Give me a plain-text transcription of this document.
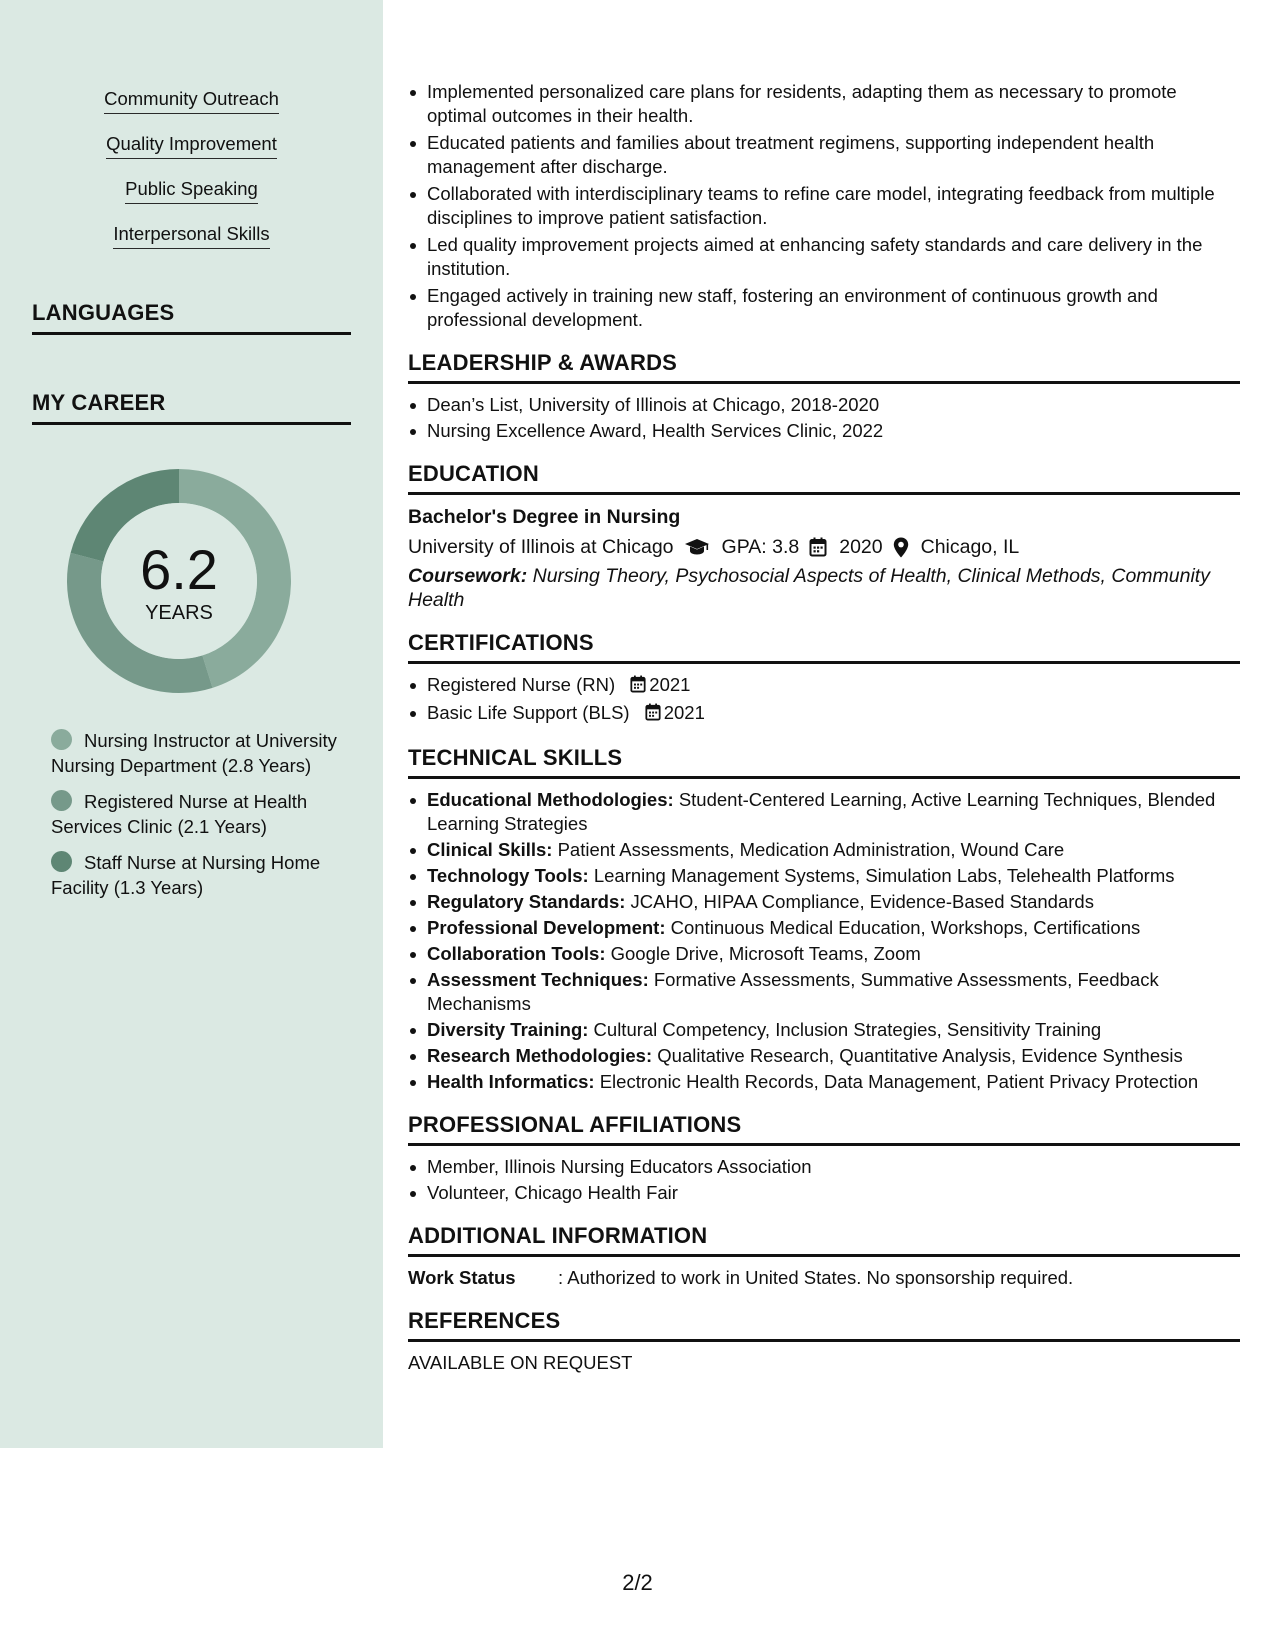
Community Outreach
Quality Improvement
Public Speaking
Interpersonal Skills
LANGUAGES
MY CAREER
6.2
YEARS
Nursing Instructor at University Nursing Department (2.8 Years)
Registered Nurse at Health Services Clinic (2.1 Years)
Staff Nurse at Nursing Home Facility (1.3 Years)
Implemented personalized care plans for residents, adapting them as necessary to promote optimal outcomes in their health.
Educated patients and families about treatment regimens, supporting independent health management after discharge.
Collaborated with interdisciplinary teams to refine care model, integrating feedback from multiple disciplines to improve patient satisfaction.
Led quality improvement projects aimed at enhancing safety standards and care delivery in the institution.
Engaged actively in training new staff, fostering an environment of continuous growth and professional development.
LEADERSHIP & AWARDS
Dean’s List, University of Illinois at Chicago, 2018-2020
Nursing Excellence Award, Health Services Clinic, 2022
EDUCATION
Bachelor's Degree in Nursing
University of Illinois at Chicago GPA: 3.8 2020 Chicago, IL
Coursework: Nursing Theory, Psychosocial Aspects of Health, Clinical Methods, Community Health
CERTIFICATIONS
Registered Nurse (RN) 2021
Basic Life Support (BLS) 2021
TECHNICAL SKILLS
Educational Methodologies: Student-Centered Learning, Active Learning Techniques, Blended Learning Strategies
Clinical Skills: Patient Assessments, Medication Administration, Wound Care
Technology Tools: Learning Management Systems, Simulation Labs, Telehealth Platforms
Regulatory Standards: JCAHO, HIPAA Compliance, Evidence-Based Standards
Professional Development: Continuous Medical Education, Workshops, Certifications
Collaboration Tools: Google Drive, Microsoft Teams, Zoom
Assessment Techniques: Formative Assessments, Summative Assessments, Feedback Mechanisms
Diversity Training: Cultural Competency, Inclusion Strategies, Sensitivity Training
Research Methodologies: Qualitative Research, Quantitative Analysis, Evidence Synthesis
Health Informatics: Electronic Health Records, Data Management, Patient Privacy Protection
PROFESSIONAL AFFILIATIONS
Member, Illinois Nursing Educators Association
Volunteer, Chicago Health Fair
ADDITIONAL INFORMATION
Work Status	: Authorized to work in United States. No sponsorship required.
REFERENCES
AVAILABLE ON REQUEST
2/2
